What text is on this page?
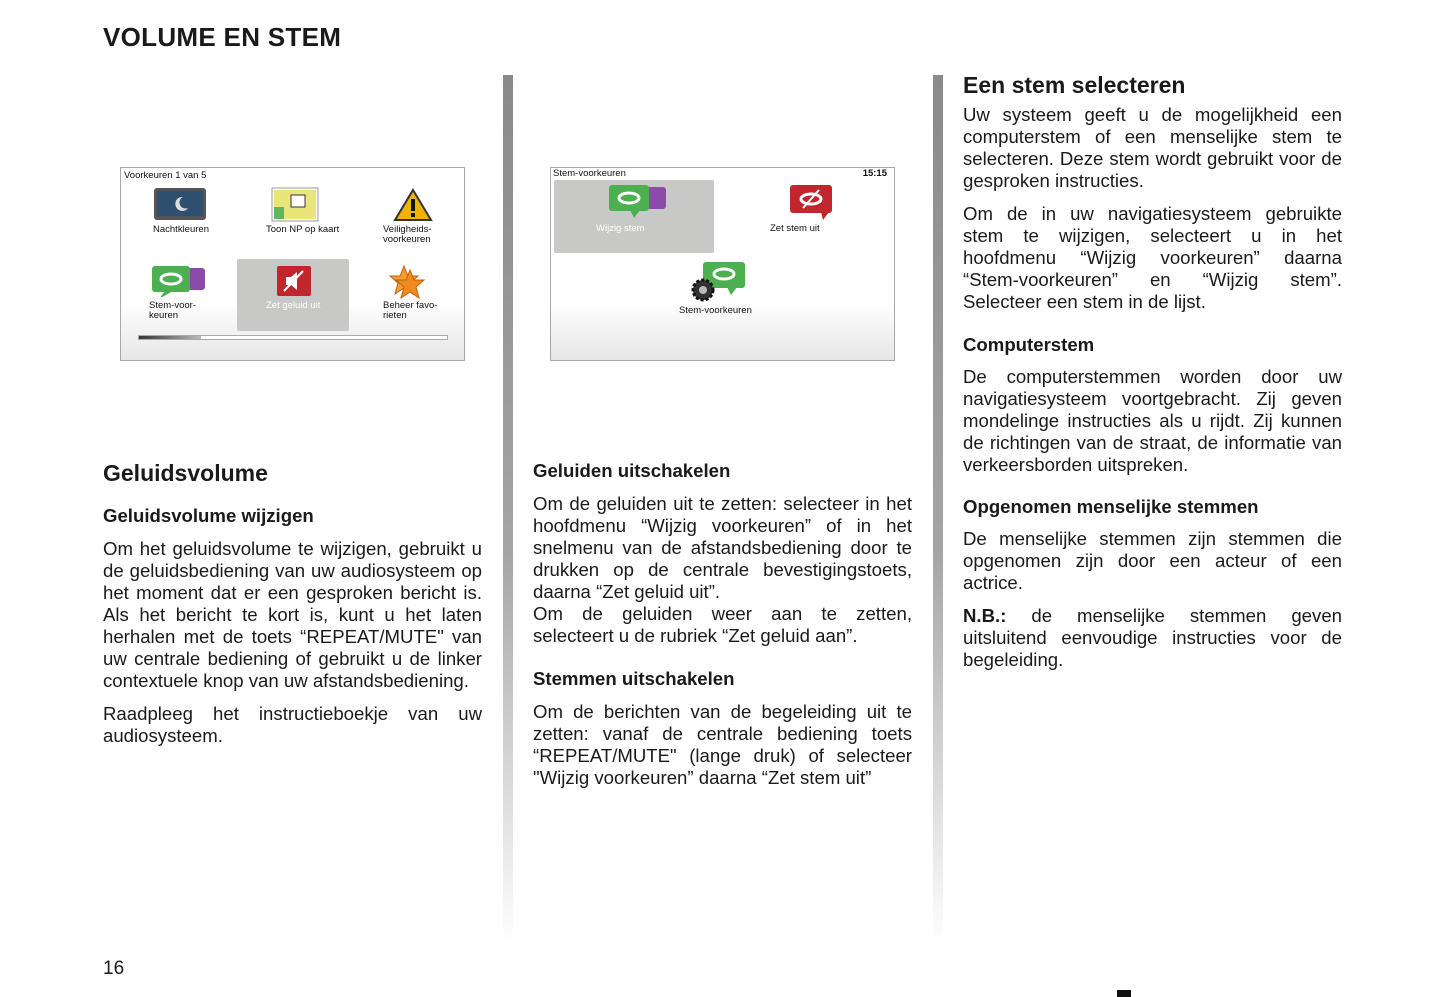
VOLUME EN STEM
Voorkeuren 1 van 5
Nachtkleuren	Toon NP op kaart	Veiligheids-voorkeuren
Stem-voor-keuren
Zet geluid uit	Beheer favo-rieten
Stem-voorkeuren	15:15
Wijzig stem	Zet stem uit
Stem-voorkeuren
Geluidsvolume
Geluidsvolume wijzigen
Om het geluidsvolume te wijzigen, gebruikt u de geluidsbediening van uw audiosysteem op het moment dat er een gesproken bericht is. Als het bericht te kort is, kunt u het laten herhalen met de toets “REPEAT/MUTE" van uw centrale bediening of gebruikt u de linker contextuele knop van uw afstandsbediening.
Raadpleeg het instructieboekje van uw audiosysteem.
Geluiden uitschakelen
Om de geluiden uit te zetten: selecteer in het hoofdmenu “Wijzig voorkeuren” of in het snelmenu van de afstandsbediening door te drukken op de centrale bevestigingstoets, daarna “Zet geluid uit”.
Om de geluiden weer aan te zetten, selecteert u de rubriek “Zet geluid aan”.
Stemmen uitschakelen
Om de berichten van de begeleiding uit te zetten: vanaf de centrale bediening toets “REPEAT/MUTE" (lange druk) of selecteer "Wijzig voorkeuren” daarna “Zet stem uit”
Een stem selecteren
Uw systeem geeft u de mogelijkheid een computerstem of een menselijke stem te selecteren. Deze stem wordt gebruikt voor de gesproken instructies.
Om de in uw navigatiesysteem gebruikte stem te wijzigen, selecteert u in het hoofdmenu “Wijzig voorkeuren” daarna “Stem-voorkeuren” en “Wijzig stem”. Selecteer een stem in de lijst.
Computerstem
De computerstemmen worden door uw navigatiesysteem voortgebracht. Zij geven mondelinge instructies als u rijdt. Zij kunnen de richtingen van de straat, de informatie van verkeersborden uitspreken.
Opgenomen menselijke stemmen
De menselijke stemmen zijn stemmen die opgenomen zijn door een acteur of een actrice.
N.B.: de menselijke stemmen geven uitsluitend eenvoudige instructies voor de begeleiding.
16
